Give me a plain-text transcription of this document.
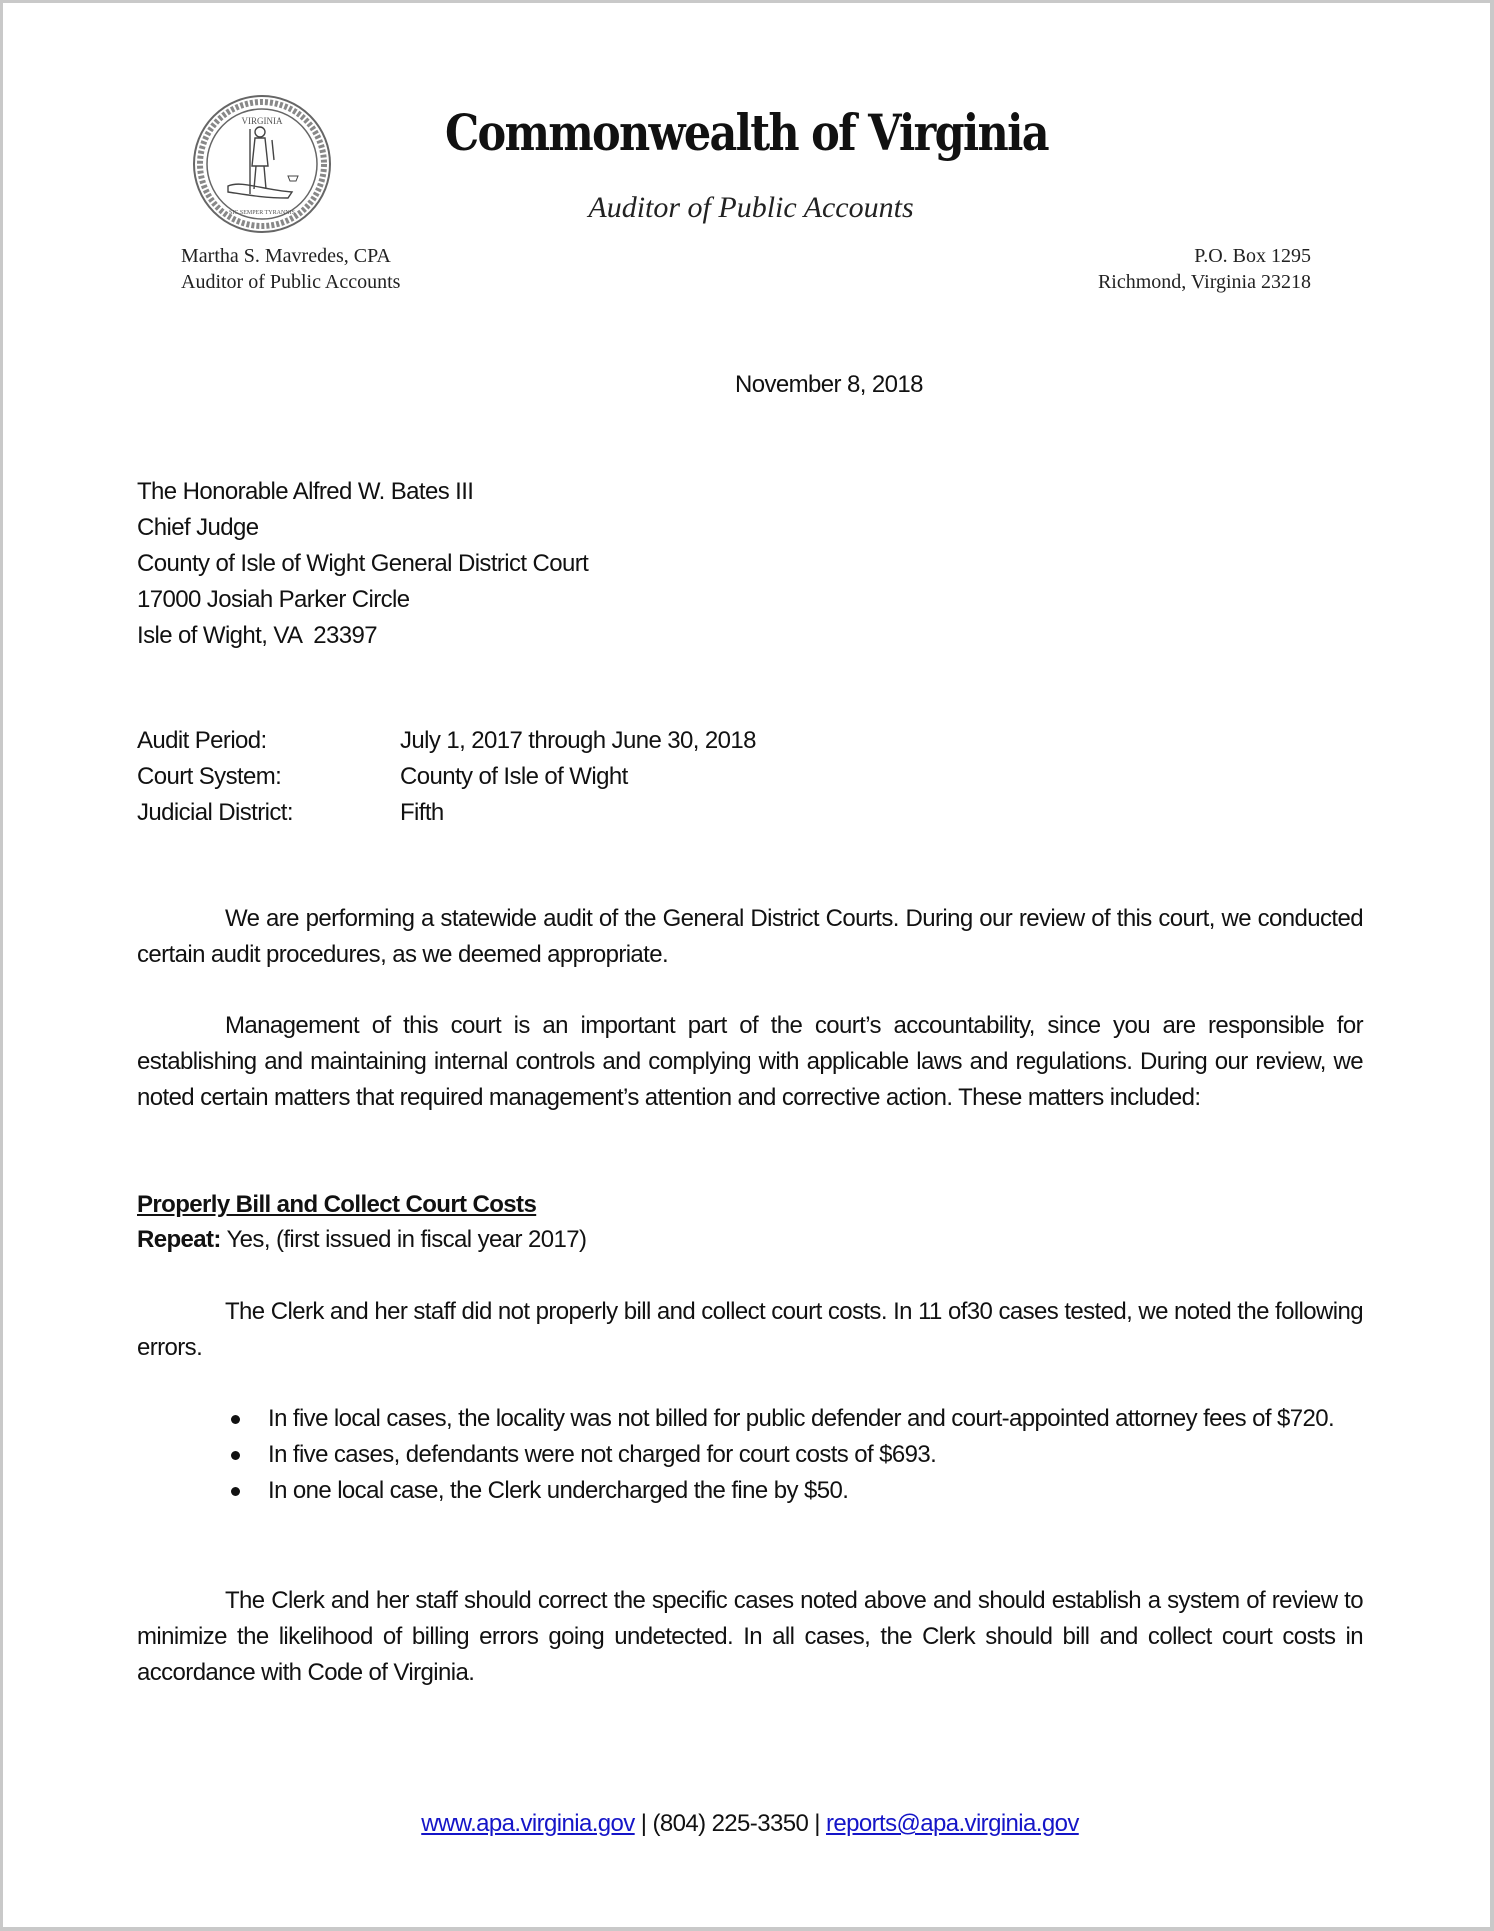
VIRGINIA
SIC SEMPER TYRANNIS
Commonwealth of Virginia
Auditor of Public Accounts
Martha S. Mavredes, CPA
Auditor of Public Accounts
P.O. Box 1295
Richmond, Virginia 23218
November 8, 2018
The Honorable Alfred W. Bates III
Chief Judge
County of Isle of Wight General District Court
17000 Josiah Parker Circle
Isle of Wight, VA  23397
Audit Period:	July 1, 2017 through June 30, 2018
Court System:	County of Isle of Wight
Judicial District:	Fifth

We are performing a statewide audit of the General District Courts. During our review of this court, we conducted certain audit procedures, as we deemed appropriate.

Management of this court is an important part of the court’s accountability, since you are responsible for establishing and maintaining internal controls and complying with applicable laws and regulations. During our review, we noted certain matters that required management’s attention and corrective action. These matters included:

Properly Bill and Collect Court Costs
Repeat: Yes, (first issued in fiscal year 2017)

The Clerk and her staff did not properly bill and collect court costs. In 11 of30 cases tested, we noted the following errors.

In five local cases, the locality was not billed for public defender and court-appointed attorney fees of $720.
In five cases, defendants were not charged for court costs of $693.
In one local case, the Clerk undercharged the fine by $50.

The Clerk and her staff should correct the specific cases noted above and should establish a system of review to minimize the likelihood of billing errors going undetected. In all cases, the Clerk should bill and collect court costs in accordance with Code of Virginia.

www.apa.virginia.gov | (804) 225-3350 | reports@apa.virginia.gov
